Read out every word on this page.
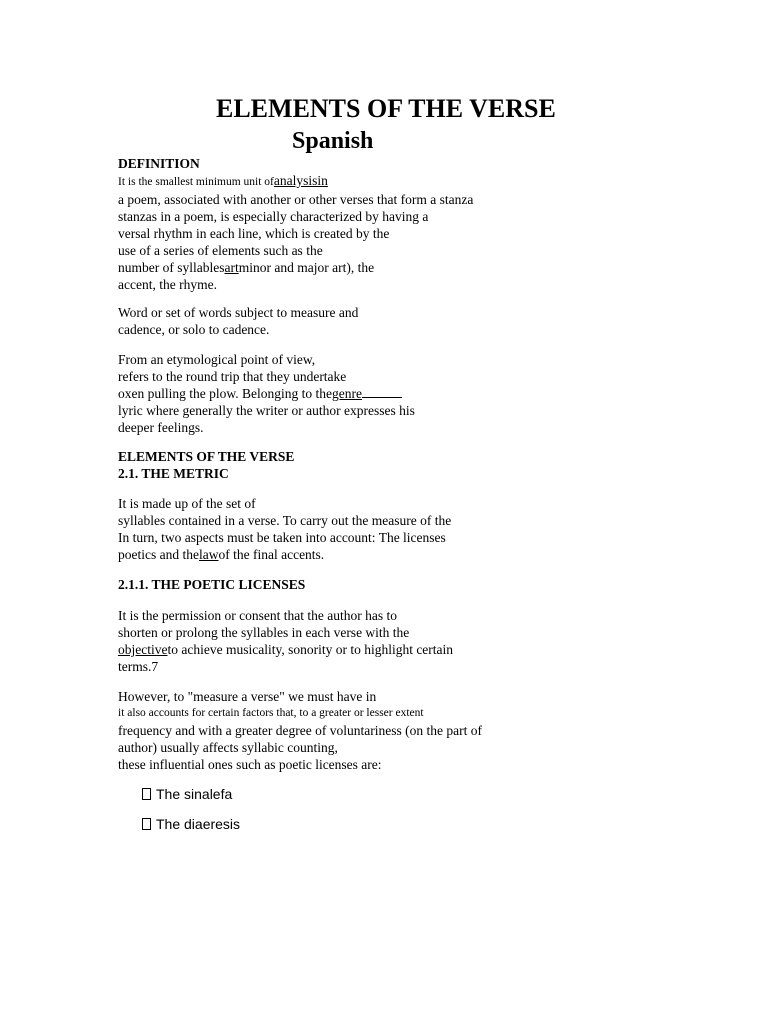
ELEMENTS OF THE VERSE
Spanish
DEFINITION
It is the smallest minimum unit ofanalysisin
a poem, associated with another or other verses that form a stanza
stanzas in a poem, is especially characterized by having a
versal rhythm in each line, which is created by the
use of a series of elements such as the
number of syllablesartminor and major art), the
accent, the rhyme.
Word or set of words subject to measure and
cadence, or solo to cadence.
From an etymological point of view,
refers to the round trip that they undertake
oxen pulling the plow. Belonging to thegenre
lyric where generally the writer or author expresses his
deeper feelings.
ELEMENTS OF THE VERSE
2.1. THE METRIC
It is made up of the set of
syllables contained in a verse. To carry out the measure of the
In turn, two aspects must be taken into account: The licenses
poetics and thelawof the final accents.
2.1.1. THE POETIC LICENSES
It is the permission or consent that the author has to
shorten or prolong the syllables in each verse with the
objectiveto achieve musicality, sonority or to highlight certain
terms.7
However, to "measure a verse" we must have in
it also accounts for certain factors that, to a greater or lesser extent
frequency and with a greater degree of voluntariness (on the part of
author) usually affects syllabic counting,
these influential ones such as poetic licenses are:
The sinalefa
The diaeresis
